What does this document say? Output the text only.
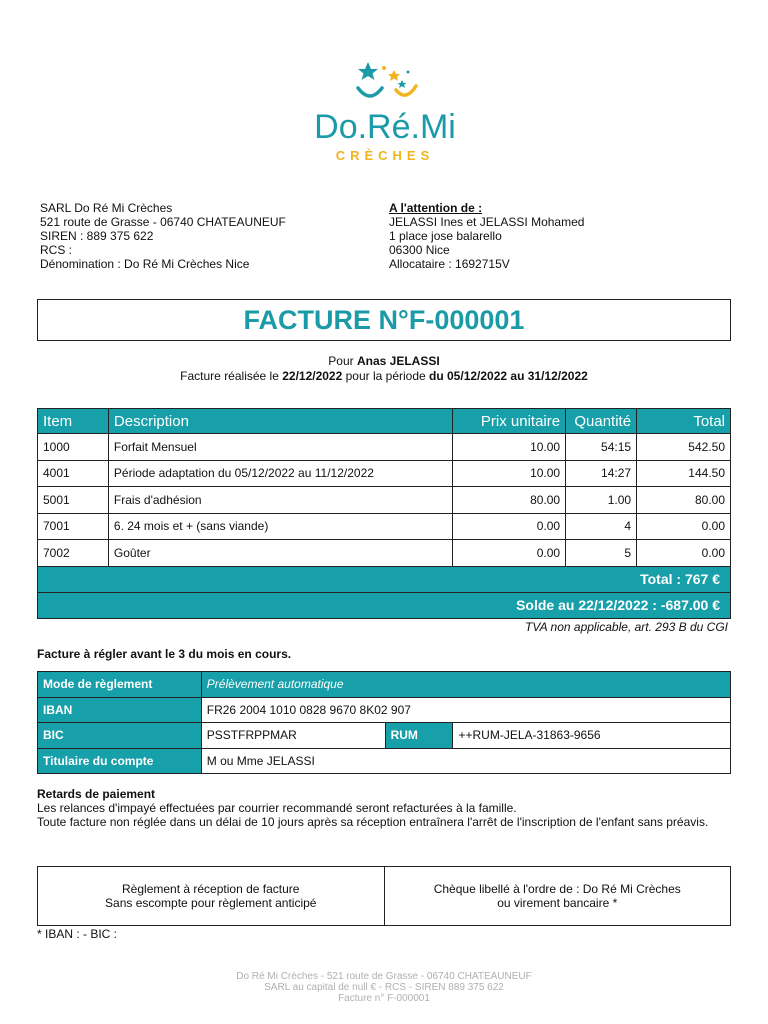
Do.Ré.Mi
CRÈCHES
SARL Do Ré Mi Crèches
521 route de Grasse - 06740 CHATEAUNEUF
SIREN : 889 375 622
RCS :
Dénomination : Do Ré Mi Crèches Nice
A l'attention de :
JELASSI Ines et JELASSI Mohamed
1 place jose balarello
06300 Nice
Allocataire : 1692715V
FACTURE N°F-000001
Pour Anas JELASSI
Facture réalisée le 22/12/2022 pour la période du 05/12/2022 au 31/12/2022
Item	Description	Prix unitaire	Quantité	Total
1000	Forfait Mensuel	10.00	54:15	542.50
4001	Période adaptation du 05/12/2022 au 11/12/2022	10.00	14:27	144.50
5001	Frais d'adhésion	80.00	1.00	80.00
7001	6. 24 mois et + (sans viande)	0.00	4	0.00
7002	Goûter	0.00	5	0.00
Total : 767 €				
Solde au 22/12/2022 : -687.00 €				
TVA non applicable, art. 293 B du CGI
Facture à régler avant le 3 du mois en cours.
Mode de règlement	Prélèvement automatique		
IBAN	FR26 2004 1010 0828 9670 8K02 907		
BIC	PSSTFRPPMAR	RUM	++RUM-JELA-31863-9656
Titulaire du compte	M ou Mme JELASSI		
Retards de paiement
Les relances d'impayé effectuées par courrier recommandé seront refacturées à la famille.
Toute facture non réglée dans un délai de 10 jours après sa réception entraînera l'arrêt de l'inscription de l'enfant sans préavis.
Règlement à réception de facture
Sans escompte pour règlement anticipé
Chèque libellé à l'ordre de : Do Ré Mi Crèches
ou virement bancaire *
* IBAN : - BIC :
Do Ré Mi Crèches - 521 route de Grasse - 06740 CHATEAUNEUF
SARL au capital de null € - RCS - SIREN 889 375 622
Facture n° F-000001
